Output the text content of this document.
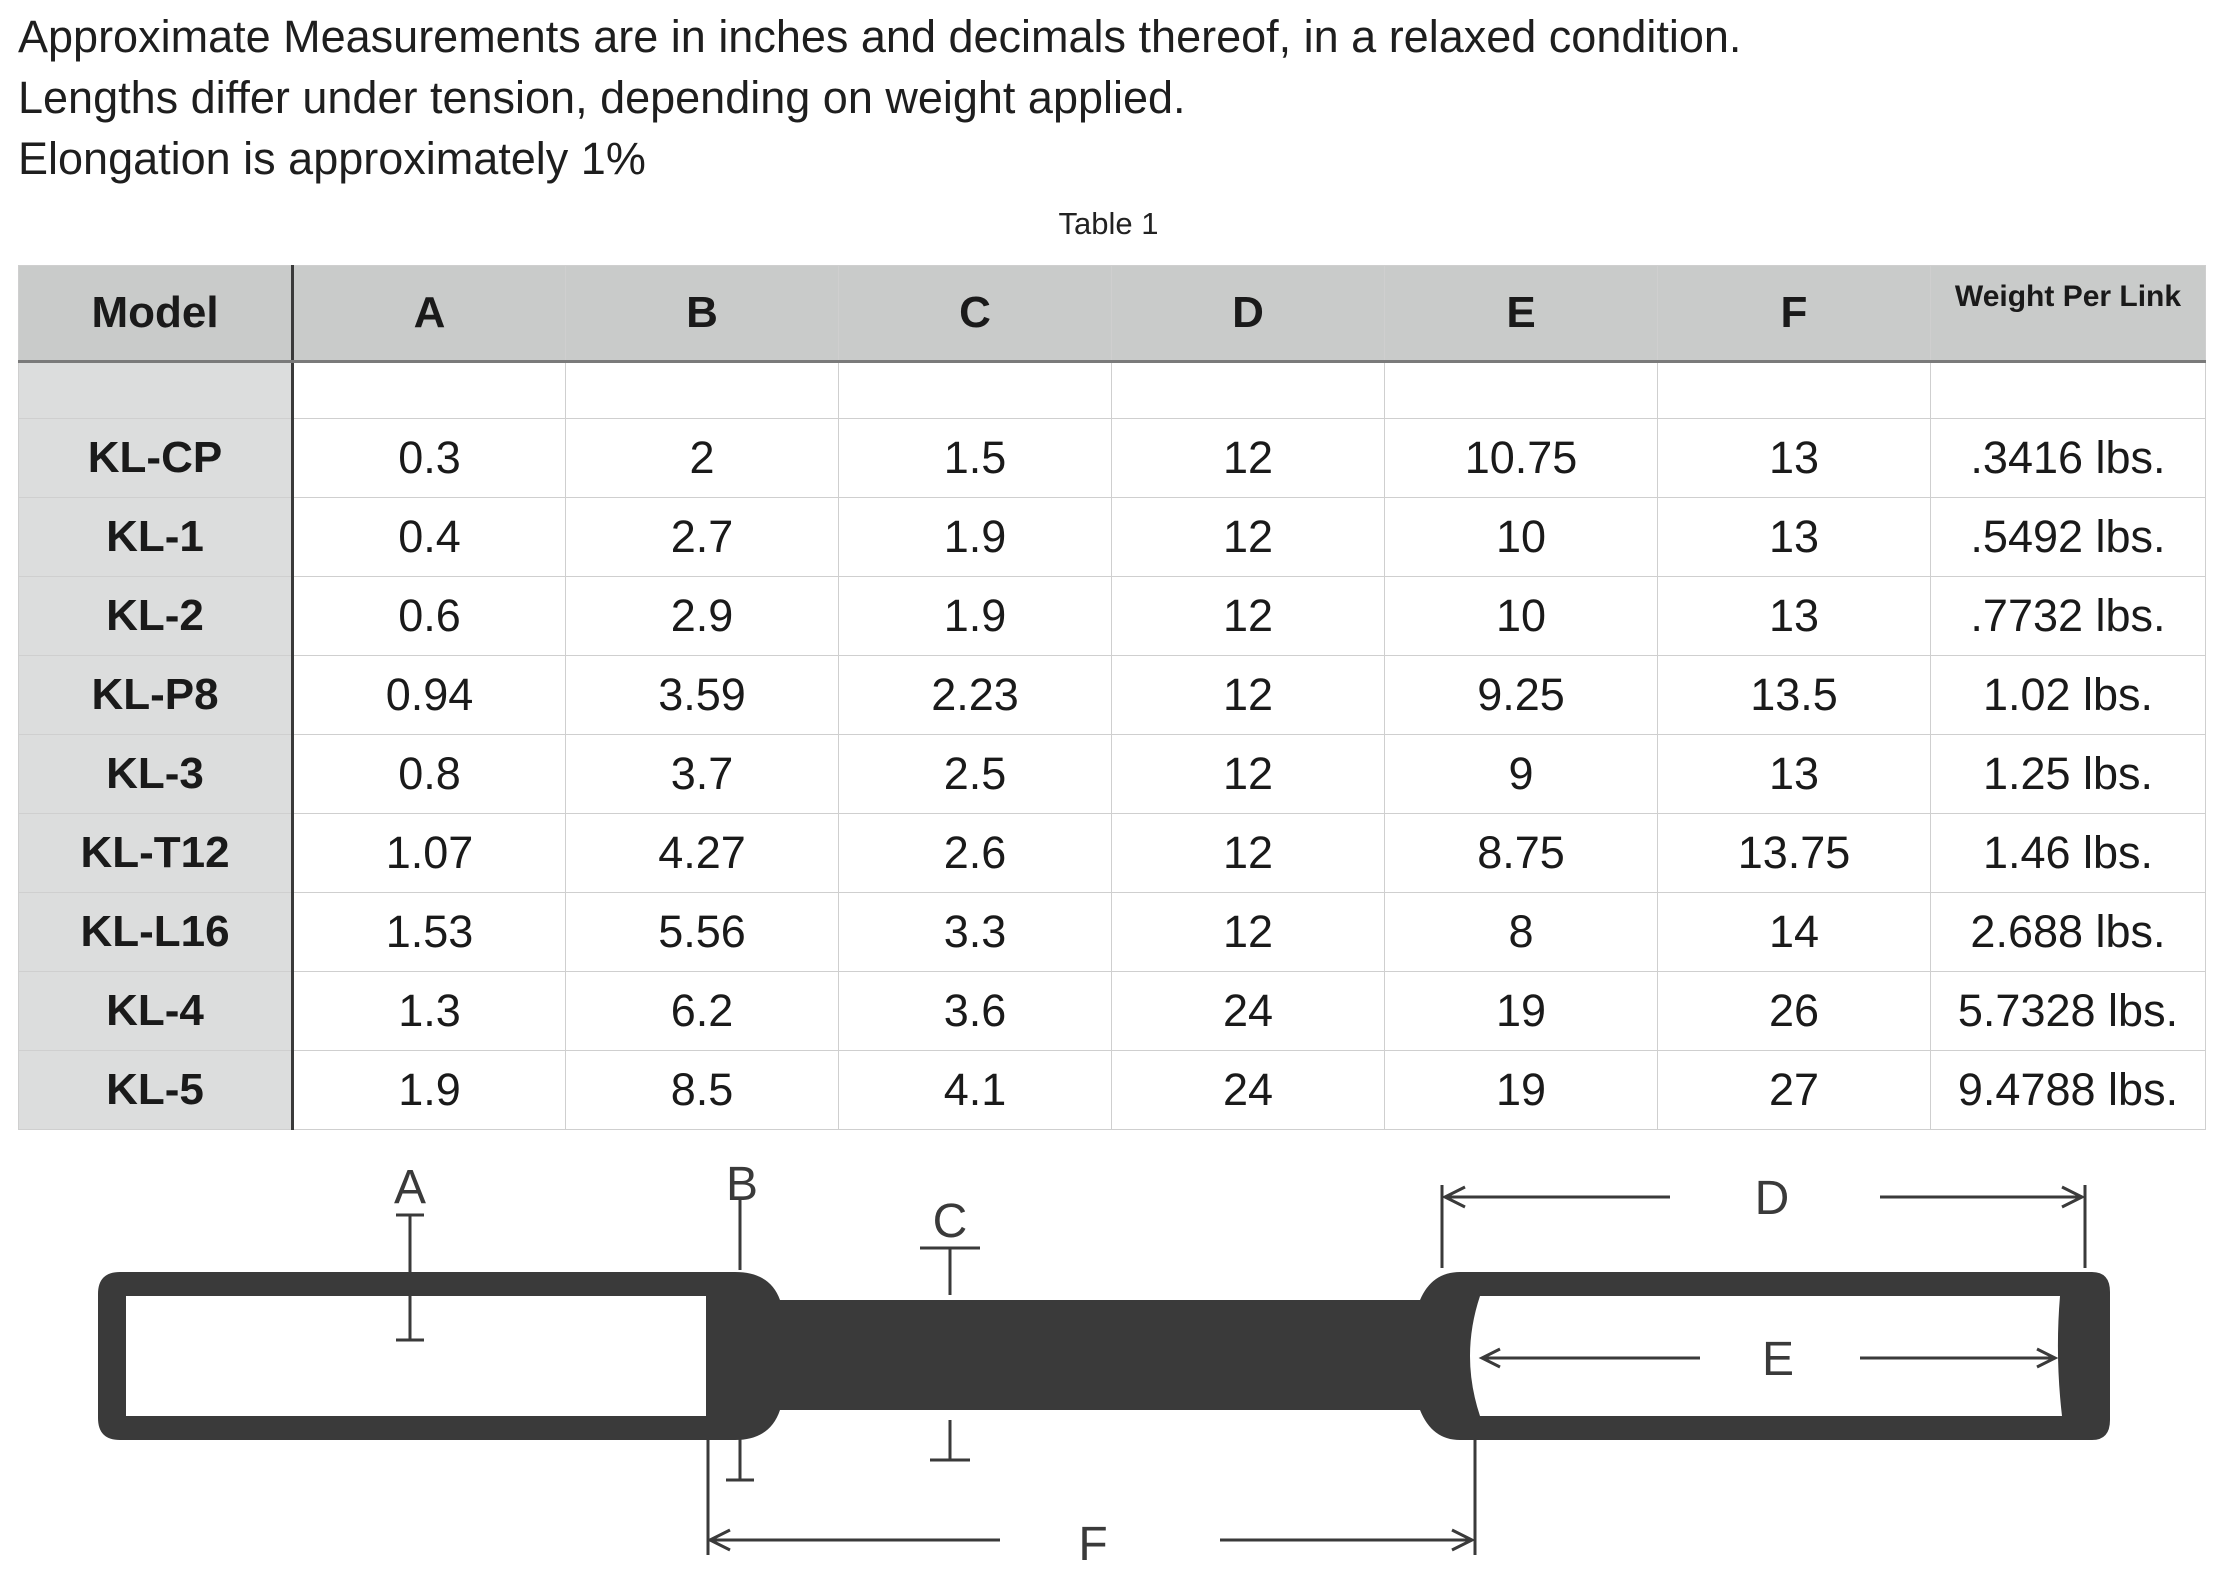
Approximate Measurements are in inches and decimals thereof, in a relaxed condition.
Lengths differ under tension, depending on weight applied.
Elongation is approximately 1%
Table 1
Model	A	B	C	D	E	F	Weight Per Link

KL-CP	0.3	2	1.5	12	10.75	13	.3416 lbs.
KL-1	0.4	2.7	1.9	12	10	13	.5492 lbs.
KL-2	0.6	2.9	1.9	12	10	13	.7732 lbs.
KL-P8	0.94	3.59	2.23	12	9.25	13.5	1.02 lbs.
KL-3	0.8	3.7	2.5	12	9	13	1.25 lbs.
KL-T12	1.07	4.27	2.6	12	8.75	13.75	1.46 lbs.
KL-L16	1.53	5.56	3.3	12	8	14	2.688 lbs.
KL-4	1.3	6.2	3.6	24	19	26	5.7328 lbs.
KL-5	1.9	8.5	4.1	24	19	27	9.4788 lbs.
A	B
C	D
E
F
